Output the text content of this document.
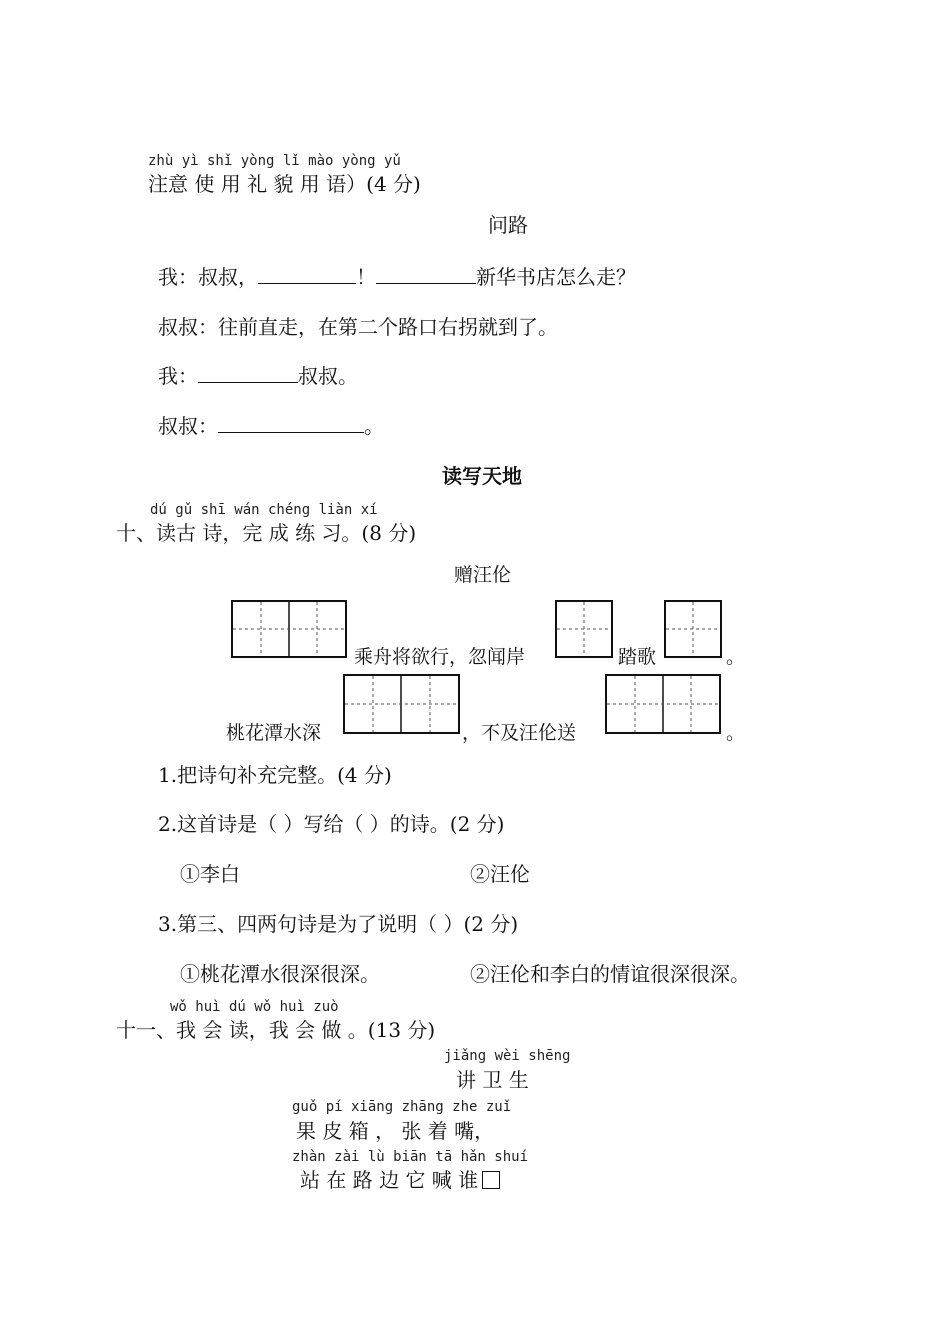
zhù yì shǐ yòng lǐ mào yòng yǔ
注意 使 用 礼 貌 用 语）(4 分)
问路
我：叔叔，	！	新华书店怎么走？
叔叔：往前直走，在第二个路口右拐就到了。
我：	叔叔。
叔叔：	。
读写天地
dú gǔ shī wán chéng liàn xí
十、读古 诗，完 成 练 习。(8 分)
赠汪伦
乘舟将欲行，忽闻岸	踏歌	。
桃花潭水深	，不及汪伦送	。
1.把诗句补充完整。(4 分)
2.这首诗是（ ）写给（ ）的诗。(2 分)
①李白	②汪伦
3.第三、四两句诗是为了说明（ ）(2 分)
①桃花潭水很深很深。	②汪伦和李白的情谊很深很深。
wǒ huì dú wǒ huì zuò
十一、我 会 读，我 会 做 。(13 分)
jiǎng wèi shēng
讲 卫 生
guǒ pí xiāng zhāng zhe zuǐ
果 皮 箱 ， 张 着 嘴，
zhàn zài lù biān tā hǎn shuí
站 在 路 边 它 喊 谁
